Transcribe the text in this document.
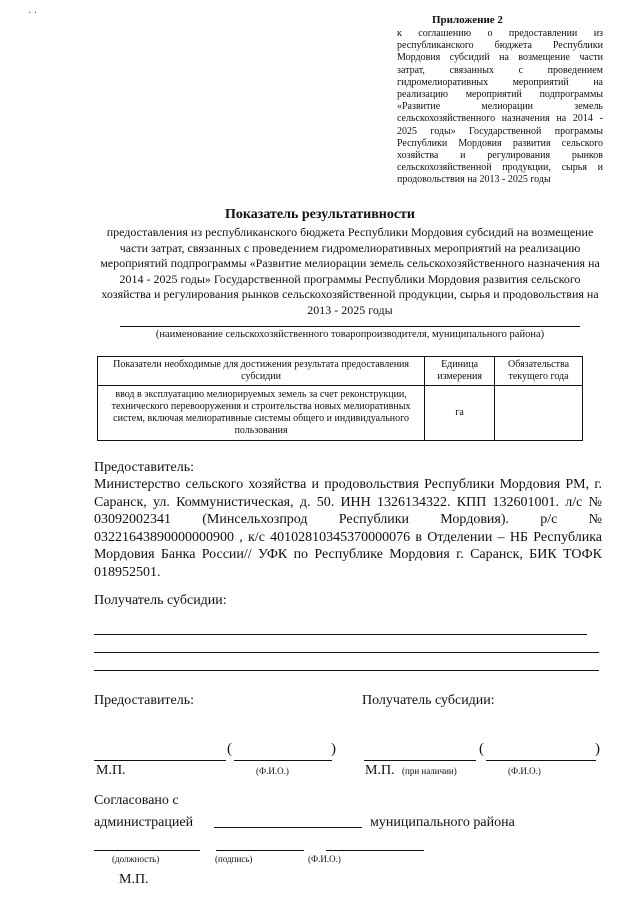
· ·
Приложение 2
к соглашению о предоставлении из республиканского бюджета Республики Мордовия субсидий на возмещение части затрат, связанных с проведением гидромелиоративных мероприятий на реализацию мероприятий подпрограммы «Развитие мелиорации земель сельскохозяйственного назначения на 2014 - 2025 годы» Государственной программы Республики Мордовия развития сельского хозяйства и регулирования рынков сельскохозяйственной продукции, сырья и продовольствия на 2013 - 2025 годы
Показатель результативности
предоставления из республиканского бюджета Республики Мордовия субсидий на возмещение части затрат, связанных с проведением гидромелиоративных мероприятий на реализацию мероприятий подпрограммы «Развитие мелиорации земель сельскохозяйственного назначения на 2014 - 2025 годы» Государственной программы Республики Мордовия развития сельского хозяйства и регулирования рынков сельскохозяйственной продукции, сырья и продовольствия на 2013 - 2025 годы
(наименование сельскохозяйственного товаропроизводителя, муниципального района)
Показатели необходимые для достижения результата предоставления субсидии	Единица измерения	Обязательства текущего года
ввод в эксплуатацию мелиорируемых земель за счет реконструкции, технического перевооружения и строительства новых мелиоративных систем, включая мелиоративные системы общего и индивидуального пользования	га	
Предоставитель:
Министерство сельского хозяйства и продовольствия Республики Мордовия РМ, г. Саранск, ул. Коммунистическая, д. 50. ИНН 1326134322. КПП 132601001. л/с № 03092002341 (Минсельхозпрод Республики Мордовия). р/с № 03221643890000000900 , к/с 40102810345370000076 в Отделении – НБ Республика Мордовия Банка России// УФК по Республике Мордовия г. Саранск, БИК ТОФК 018952501.
Получатель субсидии:
Предоставитель:	Получатель субсидии:
(	)
М.П.	(Ф.И.О.)
(	)
М.П. (при наличии)	(Ф.И.О.)
Согласовано с
администрацией	муниципального района
(должность)	(подпись)	(Ф.И.О.)
М.П.
